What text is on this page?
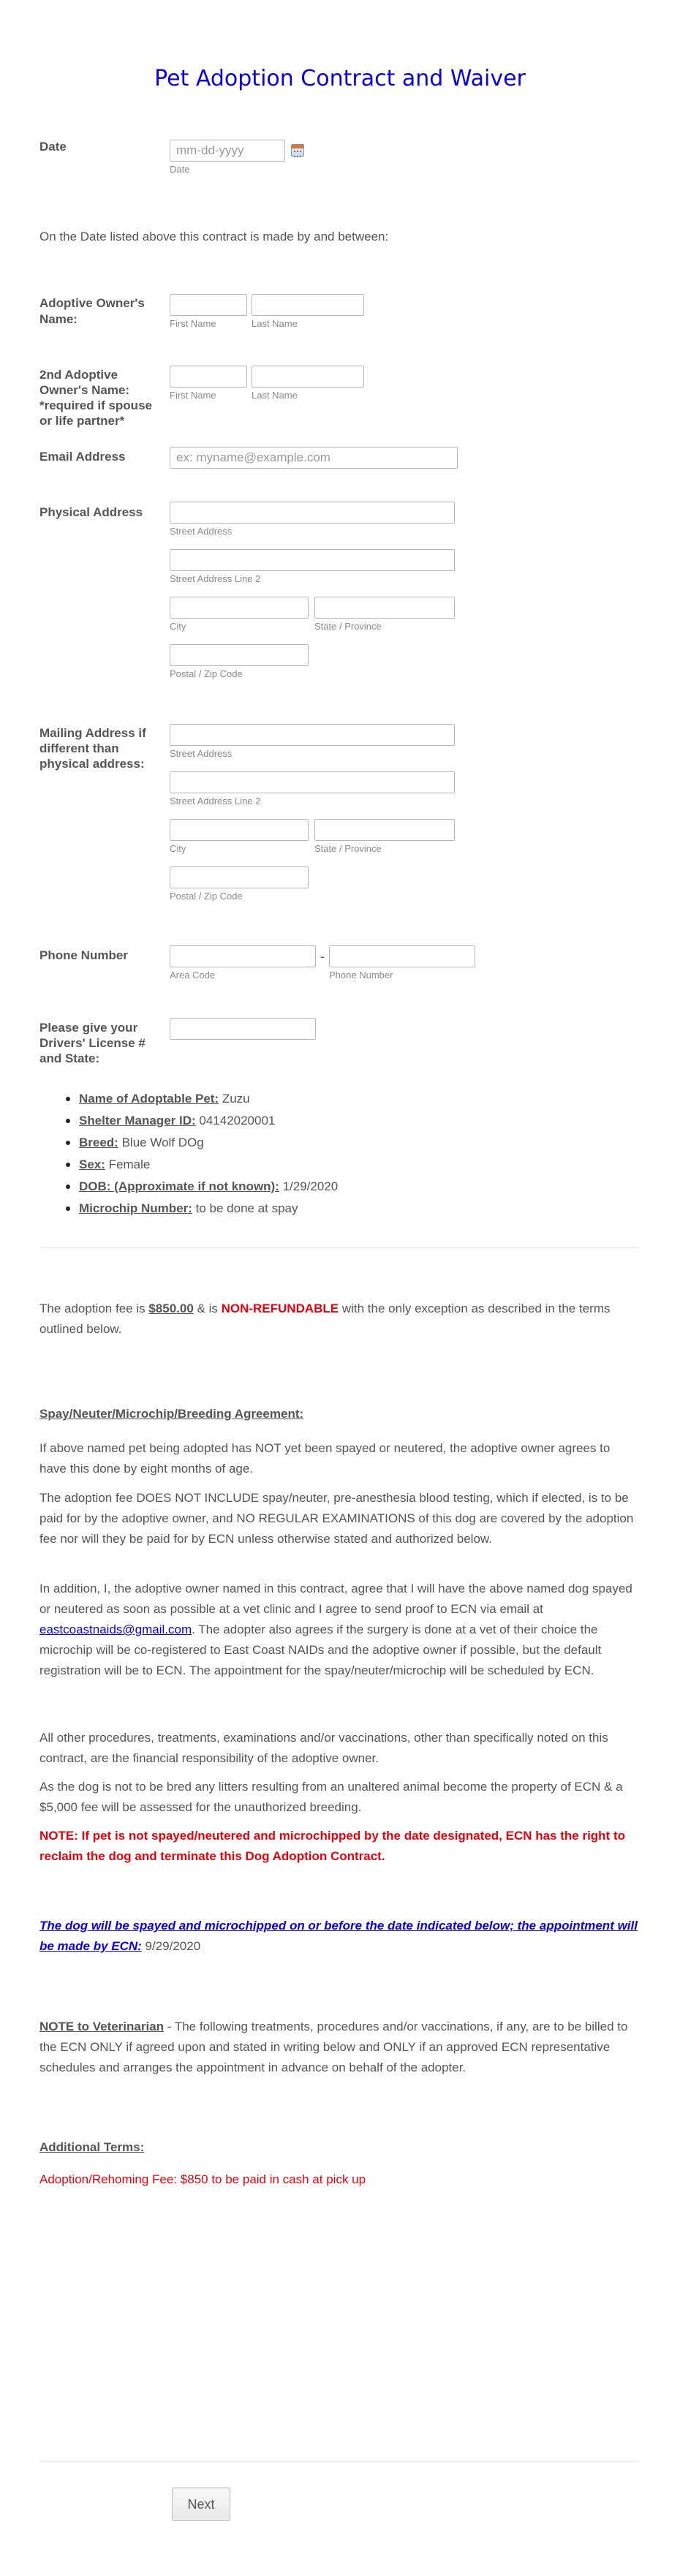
Pet Adoption Contract and Waiver
Date
mm-dd-yyyy
Date
On the Date listed above this contract is made by and between:
Adoptive Owner's
Name:	First Name	Last Name
2nd Adoptive
Owner's Name:
*required if spouse
or life partner*
First Name	Last Name
Email Address
ex: myname@example.com
Physical Address
Street Address
Street Address Line 2
City	State / Province
Postal / Zip Code
Mailing Address if
different than
physical address:
Street Address
Street Address Line 2
City	State / Province
Postal / Zip Code
Phone Number	-
Area Code	Phone Number
Please give your
Drivers' License #
and State:
Name of Adoptable Pet: Zuzu
Shelter Manager ID: 04142020001
Breed: Blue Wolf DOg
Sex: Female
DOB: (Approximate if not known): 1/29/2020
Microchip Number: to be done at spay
The adoption fee is $850.00 & is NON-REFUNDABLE with the only exception as described in the terms outlined below.
Spay/Neuter/Microchip/Breeding Agreement:
If above named pet being adopted has NOT yet been spayed or neutered, the adoptive owner agrees to have this done by eight months of age.
The adoption fee DOES NOT INCLUDE spay/neuter, pre-anesthesia blood testing, which if elected, is to be paid for by the adoptive owner, and NO REGULAR EXAMINATIONS of this dog are covered by the adoption fee nor will they be paid for by ECN unless otherwise stated and authorized below.
In addition, I, the adoptive owner named in this contract, agree that I will have the above named dog spayed or neutered as soon as possible at a vet clinic and I agree to send proof to ECN via email at eastcoastnaids@gmail.com. The adopter also agrees if the surgery is done at a vet of their choice the microchip will be co-registered to East Coast NAIDs and the adoptive owner if possible, but the default registration will be to ECN. The appointment for the spay/neuter/microchip will be scheduled by ECN.
All other procedures, treatments, examinations and/or vaccinations, other than specifically noted on this contract, are the financial responsibility of the adoptive owner.
As the dog is not to be bred any litters resulting from an unaltered animal become the property of ECN & a $5,000 fee will be assessed for the unauthorized breeding.
NOTE: If pet is not spayed/neutered and microchipped by the date designated, ECN has the right to reclaim the dog and terminate this Dog Adoption Contract.
The dog will be spayed and microchipped on or before the date indicated below; the appointment will be made by ECN: 9/29/2020
NOTE to Veterinarian - The following treatments, procedures and/or vaccinations, if any, are to be billed to the ECN ONLY if agreed upon and stated in writing below and ONLY if an approved ECN representative schedules and arranges the appointment in advance on behalf of the adopter.
Additional Terms:
Adoption/Rehoming Fee: $850 to be paid in cash at pick up
Next
